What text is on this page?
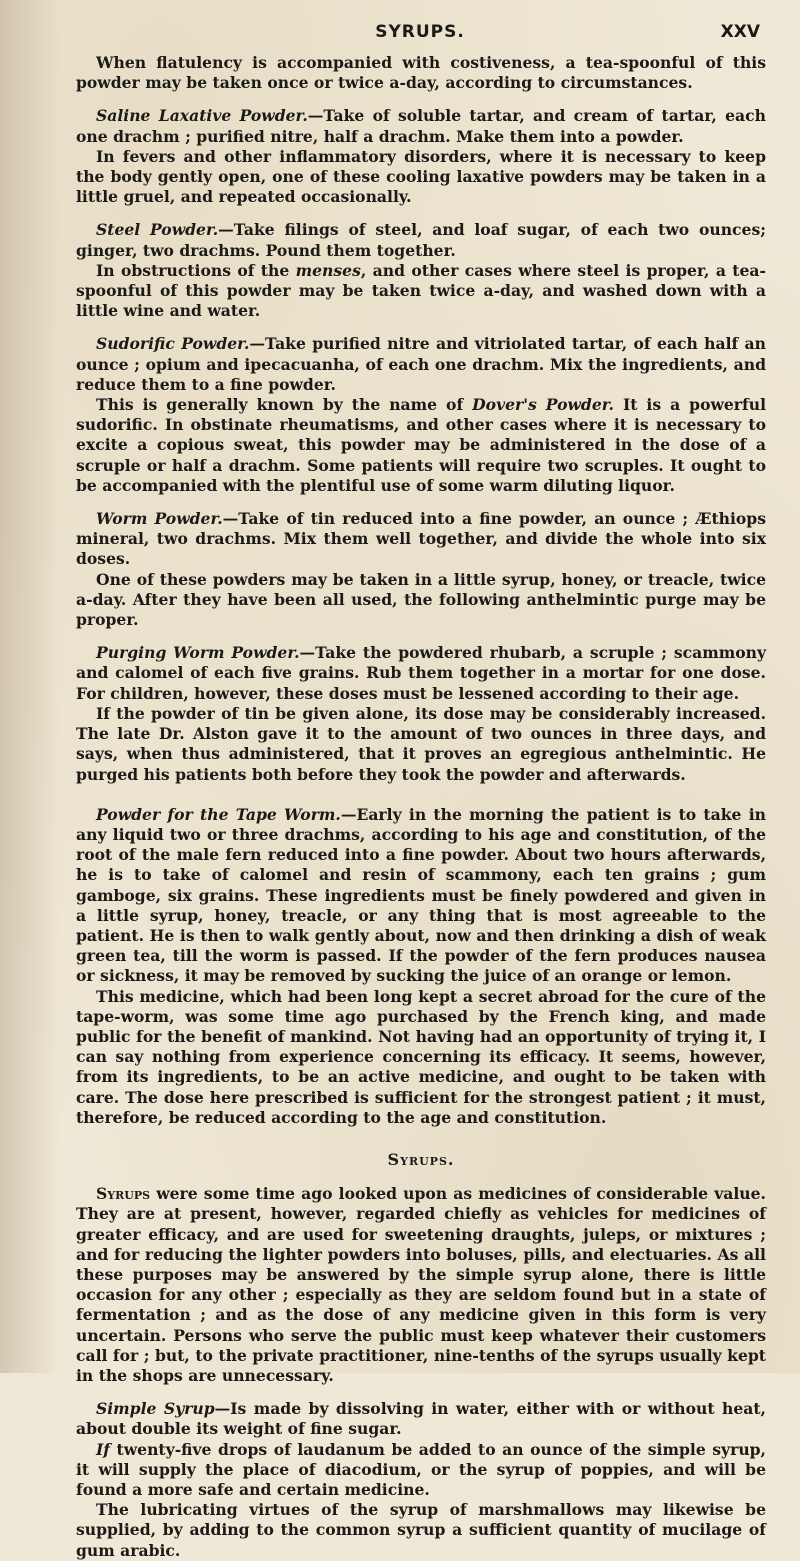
SYRUPS.	XXV

When flatulency is accompanied with costiveness, a tea-spoonful of this powder may be taken once or twice a-day, according to circumstances.

Saline Laxative Powder.—Take of soluble tartar, and cream of tartar, each one drachm ; purified nitre, half a drachm. Make them into a powder.

In fevers and other inflammatory disorders, where it is necessary to keep the body gently open, one of these cooling laxative powders may be taken in a little gruel, and repeated occasionally.

Steel Powder.—Take filings of steel, and loaf sugar, of each two ounces; ginger, two drachms. Pound them together.

In obstructions of the menses, and other cases where steel is proper, a tea-spoonful of this powder may be taken twice a-day, and washed down with a little wine and water.

Sudorific Powder.—Take purified nitre and vitriolated tartar, of each half an ounce ; opium and ipecacuanha, of each one drachm. Mix the ingredients, and reduce them to a fine powder.

This is generally known by the name of Dover's Powder. It is a powerful sudorific. In obstinate rheumatisms, and other cases where it is necessary to excite a copious sweat, this powder may be administered in the dose of a scruple or half a drachm. Some patients will require two scruples. It ought to be accompanied with the plentiful use of some warm diluting liquor.

Worm Powder.—Take of tin reduced into a fine powder, an ounce ; Æthiops mineral, two drachms. Mix them well together, and divide the whole into six doses.

One of these powders may be taken in a little syrup, honey, or treacle, twice a-day. After they have been all used, the following anthelmintic purge may be proper.

Purging Worm Powder.—Take the powdered rhubarb, a scruple ; scammony and calomel of each five grains. Rub them together in a mortar for one dose. For children, however, these doses must be lessened according to their age.

If the powder of tin be given alone, its dose may be considerably increased. The late Dr. Alston gave it to the amount of two ounces in three days, and says, when thus administered, that it proves an egregious anthelmintic. He purged his patients both before they took the powder and afterwards.

Powder for the Tape Worm.—Early in the morning the patient is to take in any liquid two or three drachms, according to his age and constitution, of the root of the male fern reduced into a fine powder. About two hours afterwards, he is to take of calomel and resin of scammony, each ten grains ; gum gamboge, six grains. These ingredients must be finely powdered and given in a little syrup, honey, treacle, or any thing that is most agreeable to the patient. He is then to walk gently about, now and then drinking a dish of weak green tea, till the worm is passed. If the powder of the fern produces nausea or sickness, it may be removed by sucking the juice of an orange or lemon.

This medicine, which had been long kept a secret abroad for the cure of the tape-worm, was some time ago purchased by the French king, and made public for the benefit of mankind. Not having had an opportunity of trying it, I can say nothing from experience concerning its efficacy. It seems, however, from its ingredients, to be an active medicine, and ought to be taken with care. The dose here prescribed is sufficient for the strongest patient ; it must, therefore, be reduced according to the age and constitution.

Syrups.

Syrups were some time ago looked upon as medicines of considerable value. They are at present, however, regarded chiefly as vehicles for medicines of greater efficacy, and are used for sweetening draughts, juleps, or mixtures ; and for reducing the lighter powders into boluses, pills, and electuaries. As all these purposes may be answered by the simple syrup alone, there is little occasion for any other ; especially as they are seldom found but in a state of fermentation ; and as the dose of any medicine given in this form is very uncertain. Persons who serve the public must keep whatever their customers call for ; but, to the private practitioner, nine-tenths of the syrups usually kept in the shops are unnecessary.

Simple Syrup—Is made by dissolving in water, either with or without heat, about double its weight of fine sugar.

If twenty-five drops of laudanum be added to an ounce of the simple syrup, it will supply the place of diacodium, or the syrup of poppies, and will be found a more safe and certain medicine.

The lubricating virtues of the syrup of marshmallows may likewise be supplied, by adding to the common syrup a sufficient quantity of mucilage of gum arabic.
